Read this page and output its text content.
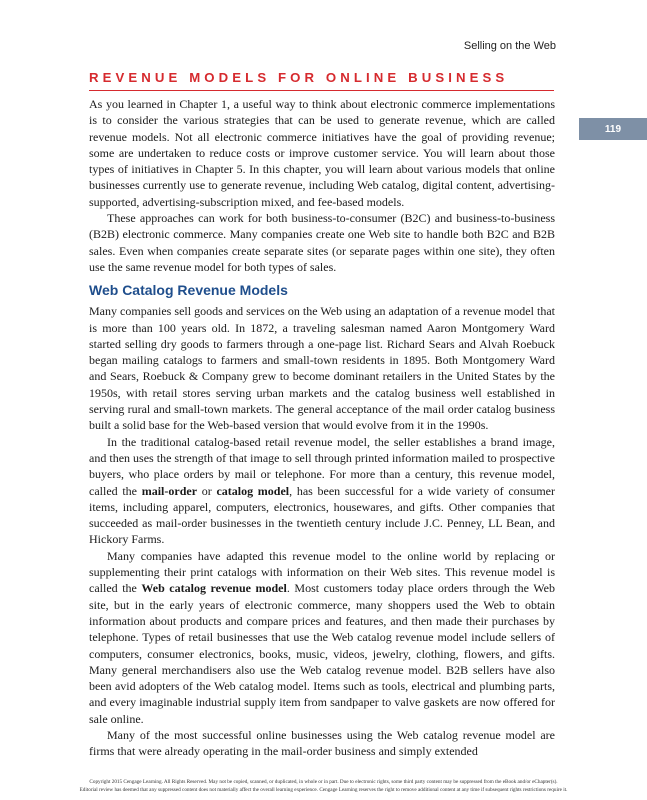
Selling on the Web
REVENUE MODELS FOR ONLINE BUSINESS
119

As you learned in Chapter 1, a useful way to think about electronic commerce implementations is to consider the various strategies that can be used to generate revenue, which are called revenue models. Not all electronic commerce initiatives have the goal of providing revenue; some are undertaken to reduce costs or improve customer service. You will learn about those types of initiatives in Chapter 5. In this chapter, you will learn about various models that online businesses currently use to generate revenue, including Web catalog, digital content, advertising-supported, advertising-subscription mixed, and fee-based models.

These approaches can work for both business-to-consumer (B2C) and business-to-business (B2B) electronic commerce. Many companies create one Web site to handle both B2C and B2B sales. Even when companies create separate sites (or separate pages within one site), they often use the same revenue model for both types of sales.

Web Catalog Revenue Models

Many companies sell goods and services on the Web using an adaptation of a revenue model that is more than 100 years old. In 1872, a traveling salesman named Aaron Montgomery Ward started selling dry goods to farmers through a one-page list. Richard Sears and Alvah Roebuck began mailing catalogs to farmers and small-town residents in 1895. Both Montgomery Ward and Sears, Roebuck & Company grew to become dominant retailers in the United States by the 1950s, with retail stores serving urban markets and the catalog business well established in serving rural and small-town markets. The general acceptance of the mail order catalog business built a solid base for the Web-based version that would evolve from it in the 1990s.

In the traditional catalog-based retail revenue model, the seller establishes a brand image, and then uses the strength of that image to sell through printed information mailed to prospective buyers, who place orders by mail or telephone. For more than a century, this revenue model, called the mail-order or catalog model, has been successful for a wide variety of consumer items, including apparel, computers, electronics, housewares, and gifts. Other companies that succeeded as mail-order businesses in the twentieth century include J.C. Penney, LL Bean, and Hickory Farms.

Many companies have adapted this revenue model to the online world by replacing or supplementing their print catalogs with information on their Web sites. This revenue model is called the Web catalog revenue model. Most customers today place orders through the Web site, but in the early years of electronic commerce, many shoppers used the Web to obtain information about products and compare prices and features, and then made their purchases by telephone. Types of retail businesses that use the Web catalog revenue model include sellers of computers, consumer electronics, books, music, videos, jewelry, clothing, flowers, and gifts. Many general merchandisers also use the Web catalog revenue model. B2B sellers have also been avid adopters of the Web catalog model. Items such as tools, electrical and plumbing parts, and every imaginable industrial supply item from sandpaper to valve gaskets are now offered for sale online.

Many of the most successful online businesses using the Web catalog revenue model are firms that were already operating in the mail-order business and simply extended

Copyright 2015 Cengage Learning. All Rights Reserved. May not be copied, scanned, or duplicated, in whole or in part. Due to electronic rights, some third party content may be suppressed from the eBook and/or eChapter(s).
Editorial review has deemed that any suppressed content does not materially affect the overall learning experience. Cengage Learning reserves the right to remove additional content at any time if subsequent rights restrictions require it.
